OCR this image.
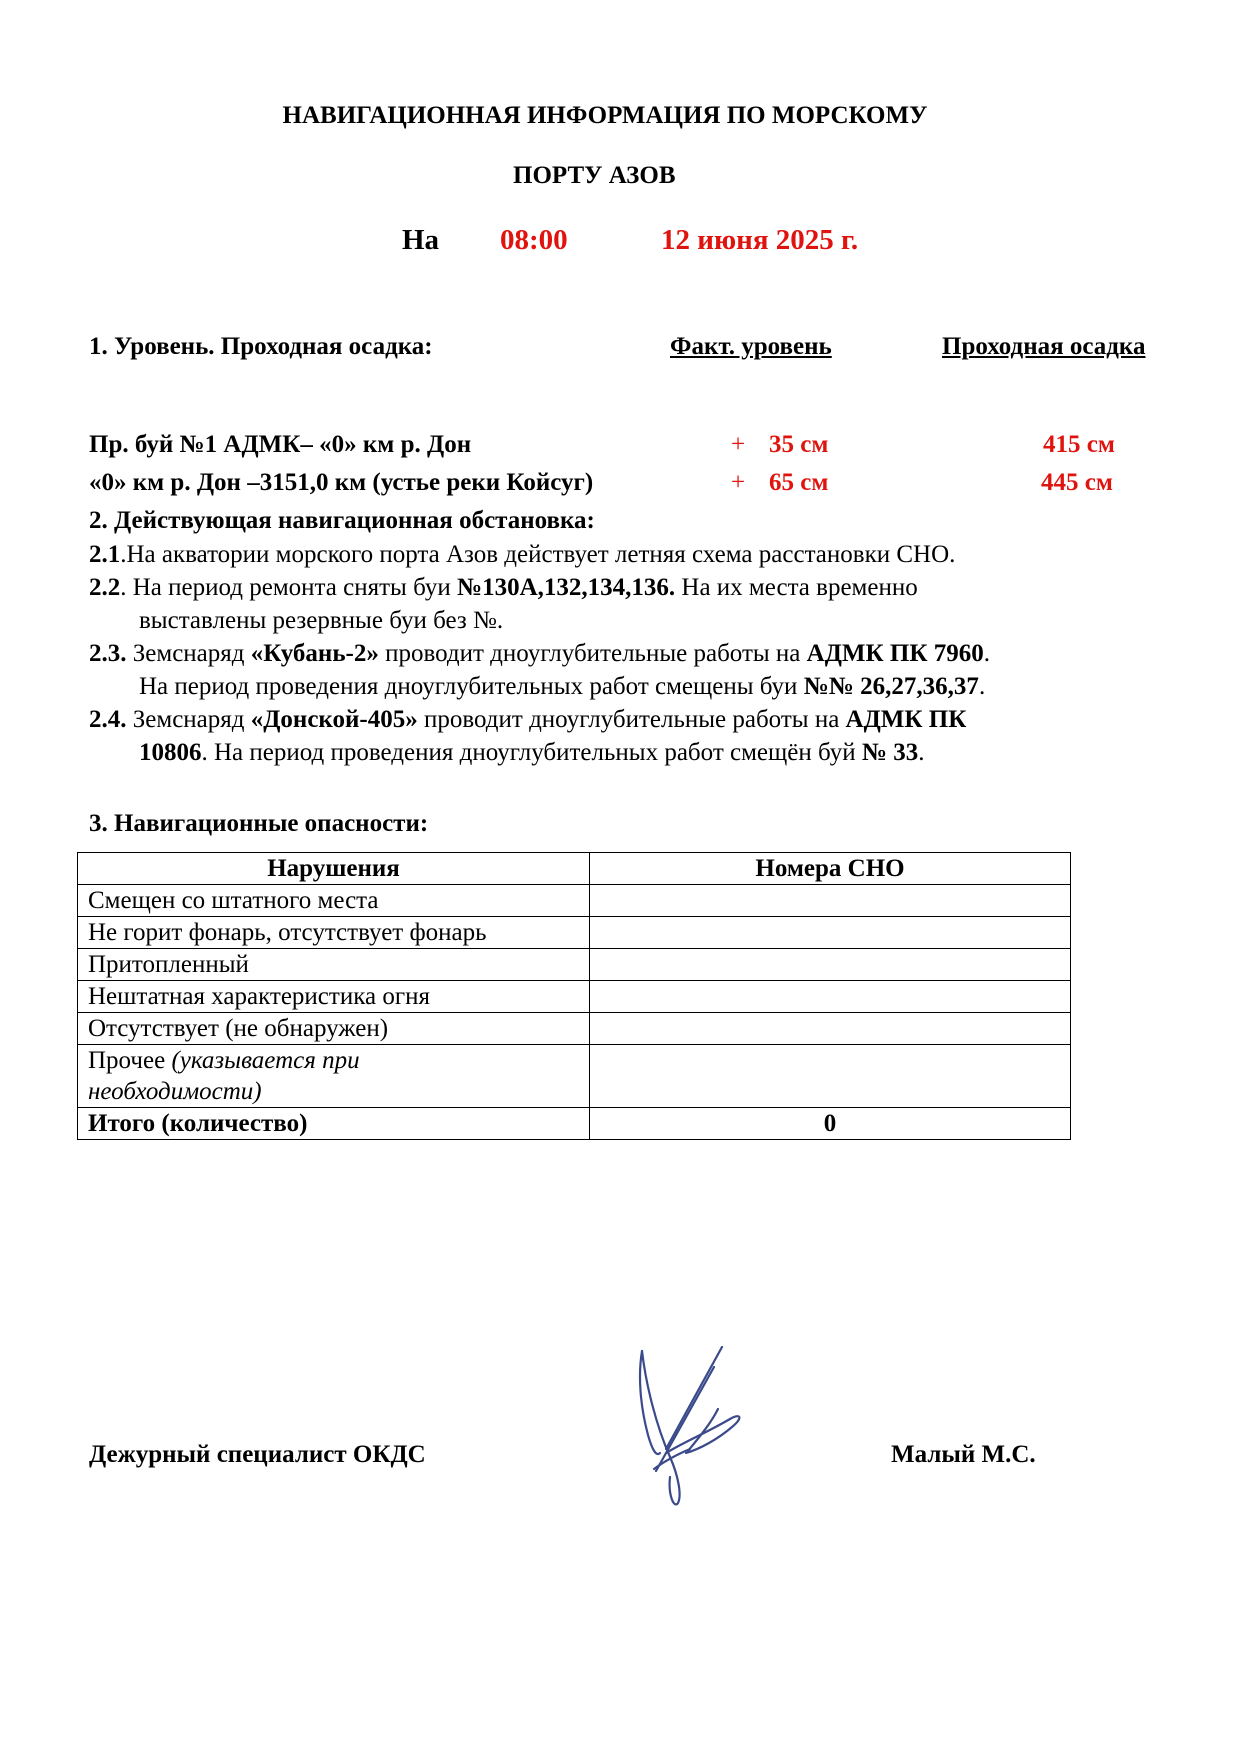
НАВИГАЦИОННАЯ ИНФОРМАЦИЯ ПО МОРСКОМУ
ПОРТУ АЗОВ
На 08:00	12 июня 2025 г.
1. Уровень. Проходная осадка:	Факт. уровень	Проходная осадка
Пр. буй №1 АДМК– «0» км р. Дон	+ 35 см	415 см
«0» км р. Дон –3151,0 км (устье реки Койсуг)	+ 65 см	445 см
2. Действующая навигационная обстановка:
2.1.На акватории морского порта Азов действует летняя схема расстановки СНО.
2.2. На период ремонта сняты буи №130А,132,134,136. На их места временно
выставлены резервные буи без №.
2.3. Земснаряд «Кубань-2» проводит дноуглубительные работы на АДМК ПК 7960.
На период проведения дноуглубительных работ смещены буи №№ 26,27,36,37.
2.4. Земснаряд «Донской-405» проводит дноуглубительные работы на АДМК ПК
10806. На период проведения дноуглубительных работ смещён буй № 33.
3. Навигационные опасности:
Нарушения	Номера СНО
Смещен со штатного места	
Не горит фонарь, отсутствует фонарь	
Притопленный	
Нештатная характеристика огня	
Отсутствует (не обнаружен)	
Прочее (указывается при
необходимости)	
Итого (количество)	0
Дежурный специалист ОКДС	Малый М.С.
